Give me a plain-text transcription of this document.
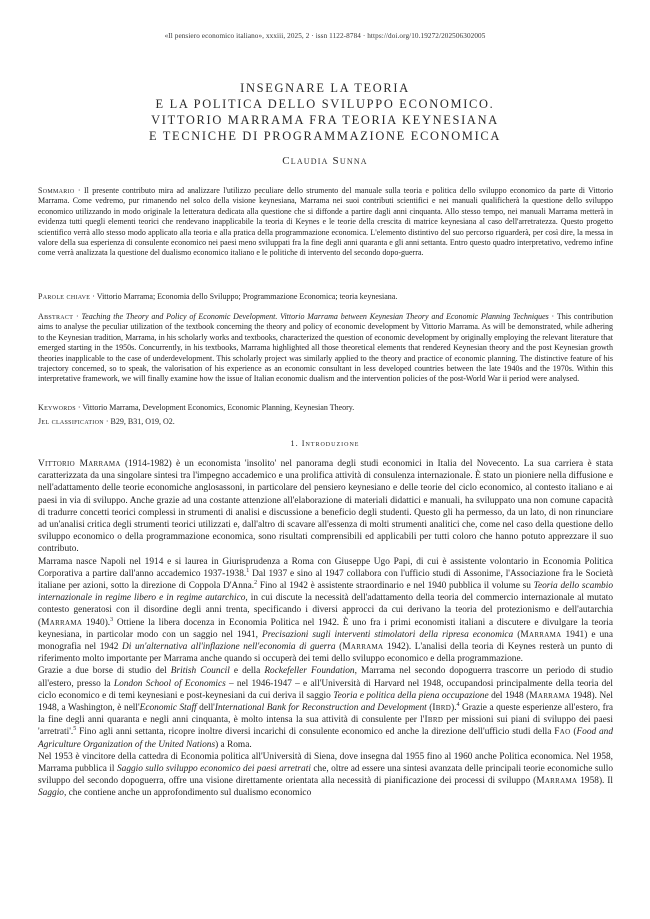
«Il pensiero economico italiano», xxxiii, 2025, 2 · issn 1122-8784 · https://doi.org/10.19272/202506302005
INSEGNARE LA TEORIA
E LA POLITICA DELLO SVILUPPO ECONOMICO.
VITTORIO MARRAMA FRA TEORIA KEYNESIANA
E TECNICHE DI PROGRAMMAZIONE ECONOMICA
Claudia Sunna
Sommario · Il presente contributo mira ad analizzare l'utilizzo peculiare dello strumento del manuale sulla teoria e politica dello sviluppo economico da parte di Vittorio Marrama. Come vedremo, pur rimanendo nel solco della visione keynesiana, Marrama nei suoi contributi scientifici e nei manuali qualificherà la questione dello sviluppo economico utilizzando in modo originale la letteratura dedicata alla questione che si diffonde a partire dagli anni cinquanta. Allo stesso tempo, nei manuali Marrama metterà in evidenza tutti quegli elementi teorici che rendevano inapplicabile la teoria di Keynes e le teorie della crescita di matrice keynesiana al caso dell'arretratezza. Questo progetto scientifico verrà allo stesso modo applicato alla teoria e alla pratica della programmazione economica. L'elemento distintivo del suo percorso riguarderà, per così dire, la messa in valore della sua esperienza di consulente economico nei paesi meno sviluppati fra la fine degli anni quaranta e gli anni settanta. Entro questo quadro interpretativo, vedremo infine come verrà analizzata la questione del dualismo economico italiano e le politiche di intervento del secondo dopo-guerra.
Parole chiave · Vittorio Marrama; Economia dello Sviluppo; Programmazione Economica; teoria keynesiana.
Abstract · Teaching the Theory and Policy of Economic Development. Vittorio Marrama between Keynesian Theory and Economic Planning Techniques · This contribution aims to analyse the peculiar utilization of the textbook concerning the theory and policy of economic development by Vittorio Marrama. As will be demonstrated, while adhering to the Keynesian tradition, Marrama, in his scholarly works and textbooks, characterized the question of economic development by originally employing the relevant literature that emerged starting in the 1950s. Concurrently, in his textbooks, Marrama highlighted all those theoretical elements that rendered Keynesian theory and the post Keynesian growth theories inapplicable to the case of underdevelopment. This scholarly project was similarly applied to the theory and practice of economic planning. The distinctive feature of his trajectory concerned, so to speak, the valorisation of his experience as an economic consultant in less developed countries between the late 1940s and the 1970s. Within this interpretative framework, we will finally examine how the issue of Italian economic dualism and the intervention policies of the post-World War ii period were analysed.
Keywords · Vittorio Marrama, Development Economics, Economic Planning, Keynesian Theory.
Jel classification · B29, B31, O19, O2.
1. Introduzione

Vittorio Marrama (1914-1982) è un economista 'insolito' nel panorama degli studi economici in Italia del Novecento. La sua carriera è stata caratterizzata da una singolare sintesi tra l'impegno accademico e una prolifica attività di consulenza internazionale. È stato un pioniere nella diffusione e nell'adattamento delle teorie economiche anglosassoni, in particolare del pensiero keynesiano e delle teorie del ciclo economico, al contesto italiano e ai paesi in via di sviluppo. Anche grazie ad una costante attenzione all'elaborazione di materiali didattici e manuali, ha sviluppato una non comune capacità di tradurre concetti teorici complessi in strumenti di analisi e discussione a beneficio degli studenti. Questo gli ha permesso, da un lato, di non rinunciare ad un'analisi critica degli strumenti teorici utilizzati e, dall'altro di scavare all'essenza di molti strumenti analitici che, come nel caso della questione dello sviluppo economico o della programmazione economica, sono risultati comprensibili ed applicabili per tutti coloro che hanno potuto apprezzare il suo contributo.

Marrama nasce Napoli nel 1914 e si laurea in Giurisprudenza a Roma con Giuseppe Ugo Papi, di cui è assistente volontario in Economia Politica Corporativa a partire dall'anno accademico 1937-1938.$^1$ Dal 1937 e sino al 1947 collabora con l'ufficio studi di Assonime, l'Associazione fra le Società italiane per azioni, sotto la direzione di Coppola D'Anna.$^2$ Fino al 1942 è assistente straordinario e nel 1940 pubblica il volume su Teoria dello scambio internazionale in regime libero e in regime autarchico, in cui discute la necessità dell'adattamento della teoria del commercio internazionale al mutato contesto generatosi con il disordine degli anni trenta, specificando i diversi approcci da cui derivano la teoria del protezionismo e dell'autarchia (Marrama 1940).$^3$ Ottiene la libera docenza in Economia Politica nel 1942. È uno fra i primi economisti italiani a discutere e divulgare la teoria keynesiana, in particolar modo con un saggio nel 1941, Precisazioni sugli interventi stimolatori della ripresa economica (Marrama 1941) e una monografia nel 1942 Di un'alternativa all'inflazione nell'economia di guerra (Marrama 1942). L'analisi della teoria di Keynes resterà un punto di riferimento molto importante per Marrama anche quando si occuperà dei temi dello sviluppo economico e della programmazione.

Grazie a due borse di studio del British Council e della Rockefeller Foundation, Marrama nel secondo dopoguerra trascorre un periodo di studio all'estero, presso la London School of Economics – nel 1946-1947 – e all'Università di Harvard nel 1948, occupandosi principalmente della teoria del ciclo economico e di temi keynesiani e post-keynesiani da cui deriva il saggio Teoria e politica della piena occupazione del 1948 (Marrama 1948). Nel 1948, a Washington, è nell'Economic Staff dell'International Bank for Reconstruction and Development (Ibrd).$^4$ Grazie a queste esperienze all'estero, fra la fine degli anni quaranta e negli anni cinquanta, è molto intensa la sua attività di consulente per l'Ibrd per missioni sui piani di sviluppo dei paesi 'arretrati'.$^5$ Fino agli anni settanta, ricopre inoltre diversi incarichi di consulente economico ed anche la direzione dell'ufficio studi della Fao (Food and Agriculture Organization of the United Nations) a Roma.

Nel 1953 è vincitore della cattedra di Economia politica all'Università di Siena, dove insegna dal 1955 fino al 1960 anche Politica economica. Nel 1958, Marrama pubblica il Saggio sullo sviluppo economico dei paesi arretrati che, oltre ad essere una sintesi avanzata delle principali teorie economiche sullo sviluppo del secondo dopoguerra, offre una visione direttamente orientata alla necessità di pianificazione dei processi di sviluppo (Marrama 1958). Il Saggio, che contiene anche un approfondimento sul dualismo economico
